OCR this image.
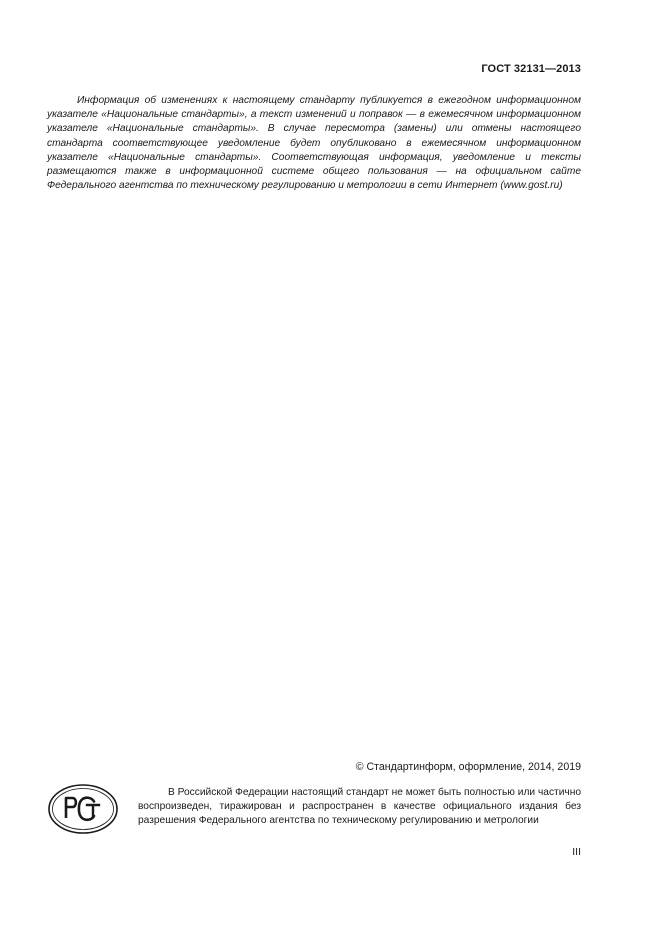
ГОСТ 32131—2013

Информация об изменениях к настоящему стандарту публикуется в ежегодном информационном указателе «Национальные стандарты», а текст изменений и поправок — в ежемесячном информационном указателе «Национальные стандарты». В случае пересмотра (замены) или отмены настоящего стандарта соответствующее уведомление будет опубликовано в ежемесячном информационном указателе «Национальные стандарты». Соответствующая информация, уведомление и тексты размещаются также в информационной системе общего пользования — на официальном сайте Федерального агентства по техническому регулированию и метрологии в сети Интернет (www.gost.ru)

© Стандартинформ, оформление, 2014, 2019

В Российской Федерации настоящий стандарт не может быть полностью или частично воспроизведен, тиражирован и распространен в качестве официального издания без разрешения Федерального агентства по техническому регулированию и метрологии

III
